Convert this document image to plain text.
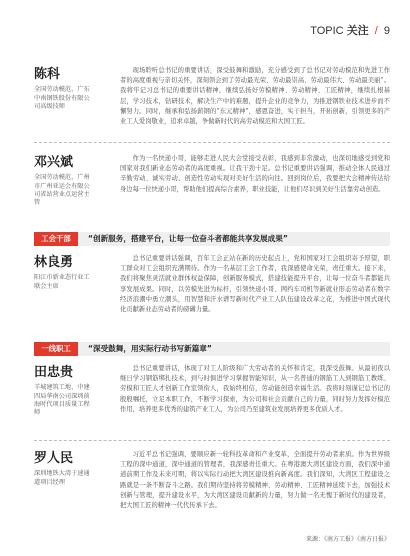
TOPIC 关注 / 9
陈科
全国劳动模范、广东中南钢铁股份有限公司高级技师

现场聆听总书记的重要讲话，深受鼓舞和激励，充分感受到了总书记对劳动模范和先进工作者的高度重视与亲切关怀，深刻领会到了劳动最光荣、劳动最崇高、劳动最伟大、劳动最美丽”。我将牢记习总书记的重要讲话精神，继续弘扬好劳模精神、劳动精神、工匠精神，继续扎根基层，学习技术，钻研技术，解决生产中的难题，提升企业的竞争力，为推进钢铁业技术进步而不懈努力。同时，继承和弘扬薪钢的“东元精神”，感恩奋进，实干担当，开拓创新，引领更多的产业工人爱岗敬业，追求卓越，争做新时代的高劳动模范和大国工匠。

邓兴斌
全国劳动模范、广州市广州亚运会有限公司省站营业点运营主管

作为一名快递小哥，能够走进人民大会堂接受表彰，我感到非常激动，也深切地感受到党和国家对我们新业态劳动者的高度重视。让我干劲十足。总书记重要讲话强调，推动全体人民通过辛勤劳动、诚实劳动、创造性劳动实现对美好生活的向往。回到岗位后，我要把大会精神传达给身边每一位快递小哥，帮助他们提高综合素养，职业技能，让他们尽识到美好生活靠劳动创造。

工会干部	“创新服务，搭建平台，让每一位奋斗者都能共享发展成果”
林良勇
阳江市新业态行业工联会主席

总书记重要讲话强调，百年工会正站在新的历史起点上，党和国家对工会组织寄予厚望，职工群众对工会组织充满期待。作为一名基层工会工作者，我深感使命光荣，责任重大。接下来，我们将聚焦灵活就业群体权益保障，创新服务模式，搭建技能提升平台，让每一位奋斗者都能共享发展成果。同时，以劳模先进为标杆，引领快递小哥、网约车司机等新就业形态劳动者在数字经济浪潮中勇立潮头，用智慧和汗水谱写新时代产业工人队伍建设改革之花，为推进中国式现代化贡献新业态劳动者的磅礴力量。

一线职工	“深受鼓舞，用实际行动书写新篇章”
田忠贵
羊城建筑工地、中建四局华南公司深圳前海时代项目质量工程师

总书记重要讲话，体现了对工人阶级和广大劳动者的关怀和肯定，我深受鼓舞。从最初夜以继日学习钢筋绑扎技术，到与时俱进学习掌握智能知识，从一名普通的钢筋工人到钢筋工教练、劳模和工匠人才创新工作室领衔人，我始终相信，劳动能创造幸福生活。我将时刻谨记总书记的殷殷嘱托，立足本职工作，不断学习探索，为公司和社会贡献自己的力量，同时努力发挥好模范作用，培养更多优秀的建筑产业工人，为公司乃至建筑业发展培养更多优质人才。

罗人民
深圳地铁大湾于速通道项目经理

习近平总书记强调，要顺应新一轮科技革命和产业变革，全面提升劳动者素质。作为世界级工程的深中通道，深中通道的管理者，我深感责任重大。在粤港澳大湾区建设方面，我们深中通道前期工作及未来可期，将以实际行动把大湾区建设推向新高度。我们深知，大湾区工程建设之路就是一条不断奋斗之路。我们期待坚持将劳模精神、劳动精神、工匠精神延续下去，加强技术创新与管理，提升建设水平，为大湾区建设贡献新的力量，努力做一名无愧于新时代的建设者，把大国工匠的精神一代代传承下去。

来源：《南方工报》《南方日报》
